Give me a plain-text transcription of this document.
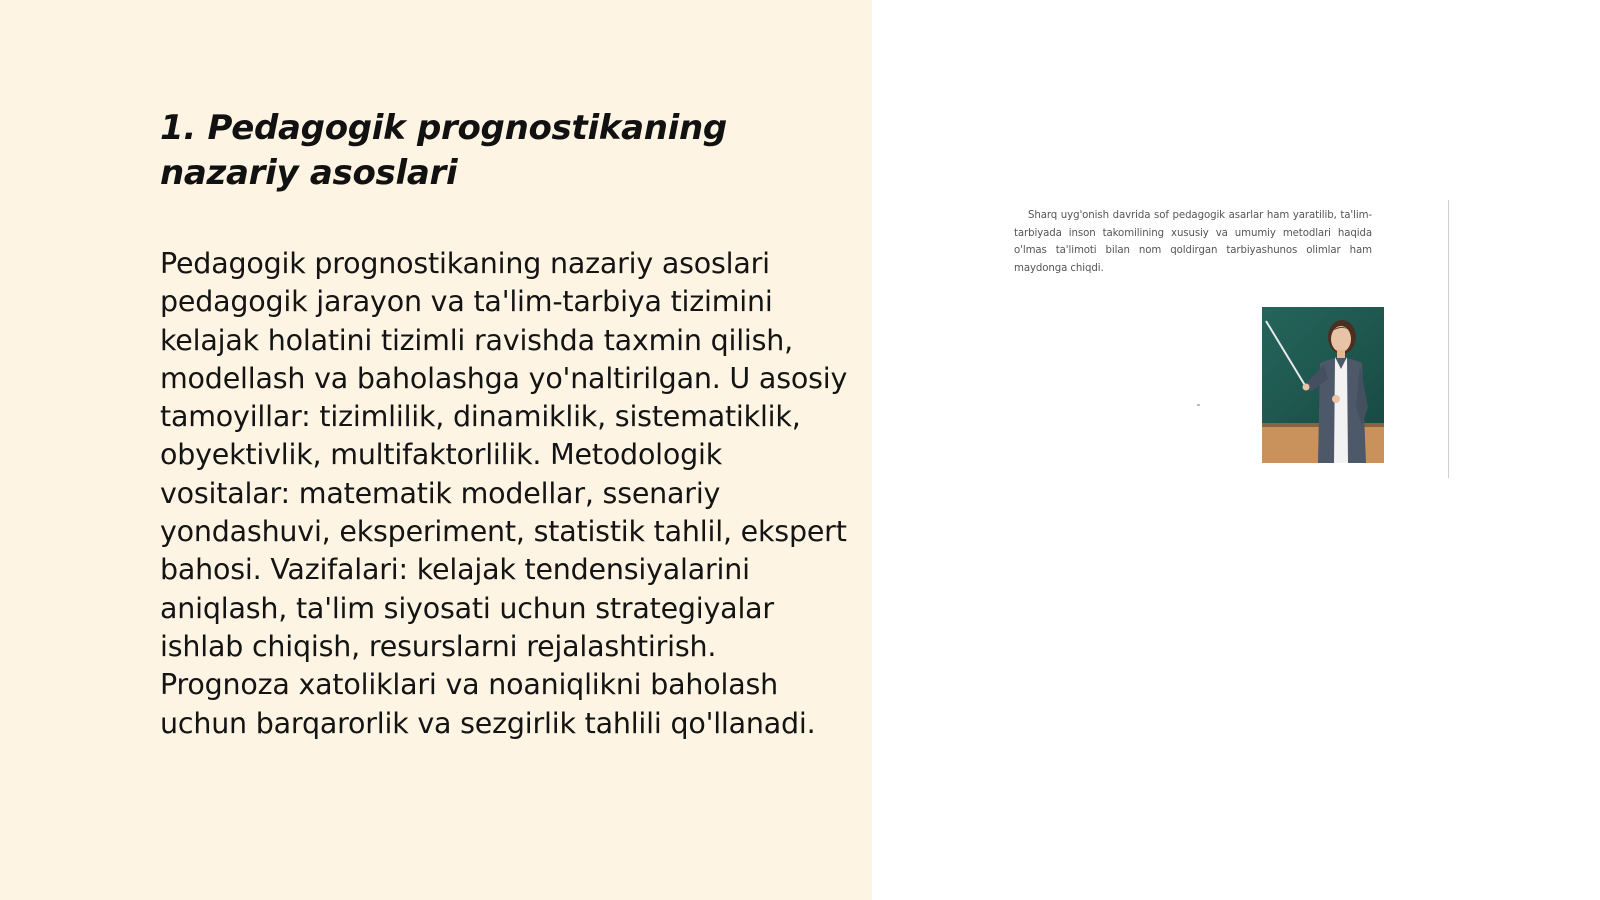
1. Pedagogik prognostikaning nazariy asoslari

Pedagogik prognostikaning nazariy asoslari pedagogik jarayon va ta'lim-tarbiya tizimini kelajak holatini tizimli ravishda taxmin qilish, modellash va baholashga yo'naltirilgan. U asosiy tamoyillar: tizimlilik, dinamiklik, sistematiklik, obyektivlik, multifaktorlilik. Metodologik vositalar: matematik modellar, ssenariy yondashuvi, eksperiment, statistik tahlil, ekspert bahosi. Vazifalari: kelajak tendensiyalarini aniqlash, ta'lim siyosati uchun strategiyalar ishlab chiqish, resurslarni rejalashtirish. Prognoza xatoliklari va noaniqlikni baholash uchun barqarorlik va sezgirlik tahlili qo'llanadi.

Sharq uyg'onish davrida sof pedagogik asarlar ham yaratilib, ta'lim-tarbiyada inson takomilining xususiy va umumiy metodlari haqida o'lmas ta'limoti bilan nom qoldirgan tarbiyashunos olimlar ham maydonga chiqdi.
